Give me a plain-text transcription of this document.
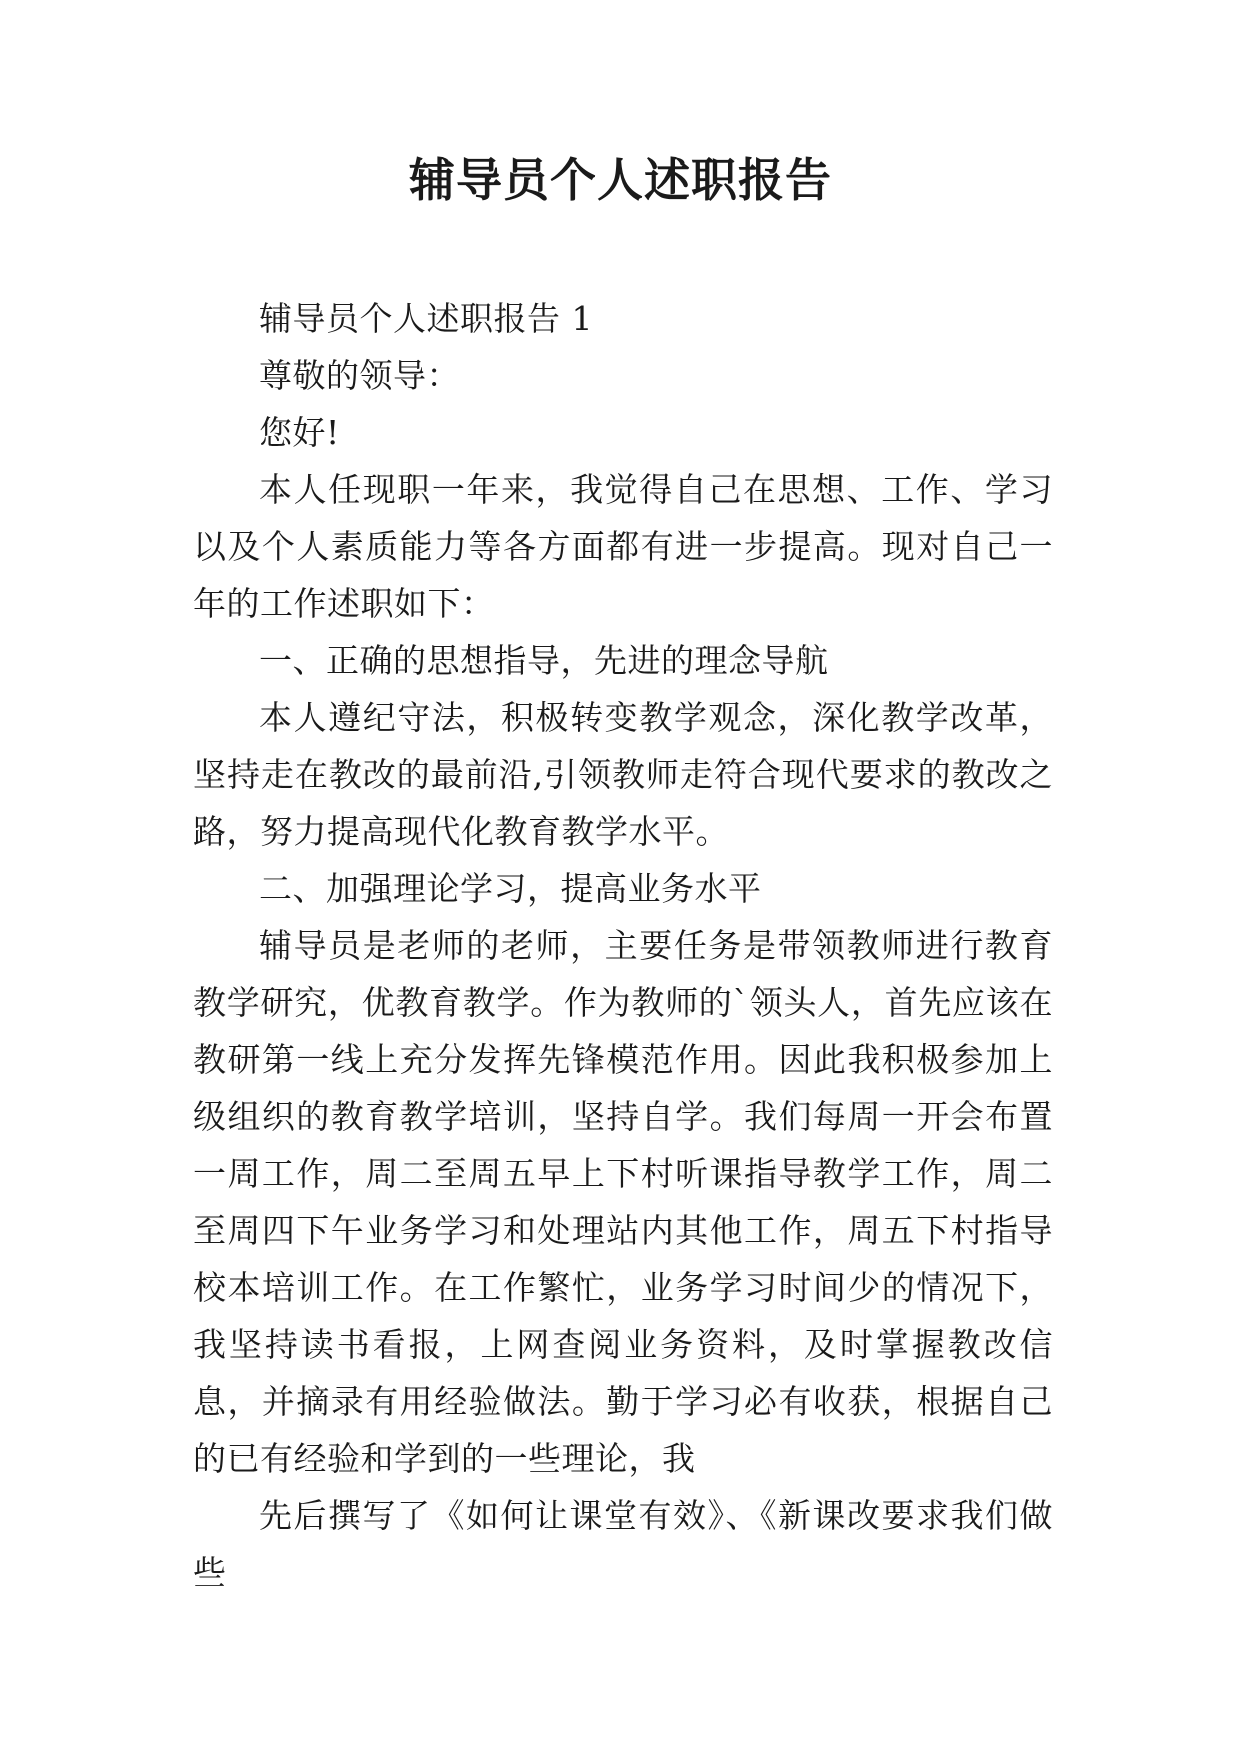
辅导员个人述职报告

辅导员个人述职报告 1

尊敬的领导：

您好!

本人任现职一年来，我觉得自己在思想、工作、学习以及个人素质能力等各方面都有进一步提高。现对自己一年的工作述职如下：

一、正确的思想指导，先进的理念导航

本人遵纪守法，积极转变教学观念，深化教学改革，坚持走在教改的最前沿,引领教师走符合现代要求的教改之路，努力提高现代化教育教学水平。

二、加强理论学习，提高业务水平

辅导员是老师的老师，主要任务是带领教师进行教育教学研究，优教育教学。作为教师的`领头人，首先应该在教研第一线上充分发挥先锋模范作用。因此我积极参加上级组织的教育教学培训，坚持自学。我们每周一开会布置一周工作，周二至周五早上下村听课指导教学工作，周二至周四下午业务学习和处理站内其他工作，周五下村指导校本培训工作。在工作繁忙，业务学习时间少的情况下，我坚持读书看报，上网查阅业务资料，及时掌握教改信息，并摘录有用经验做法。勤于学习必有收获，根据自己的已有经验和学到的一些理论，我

先后撰写了《如何让课堂有效》、《新课改要求我们做些
